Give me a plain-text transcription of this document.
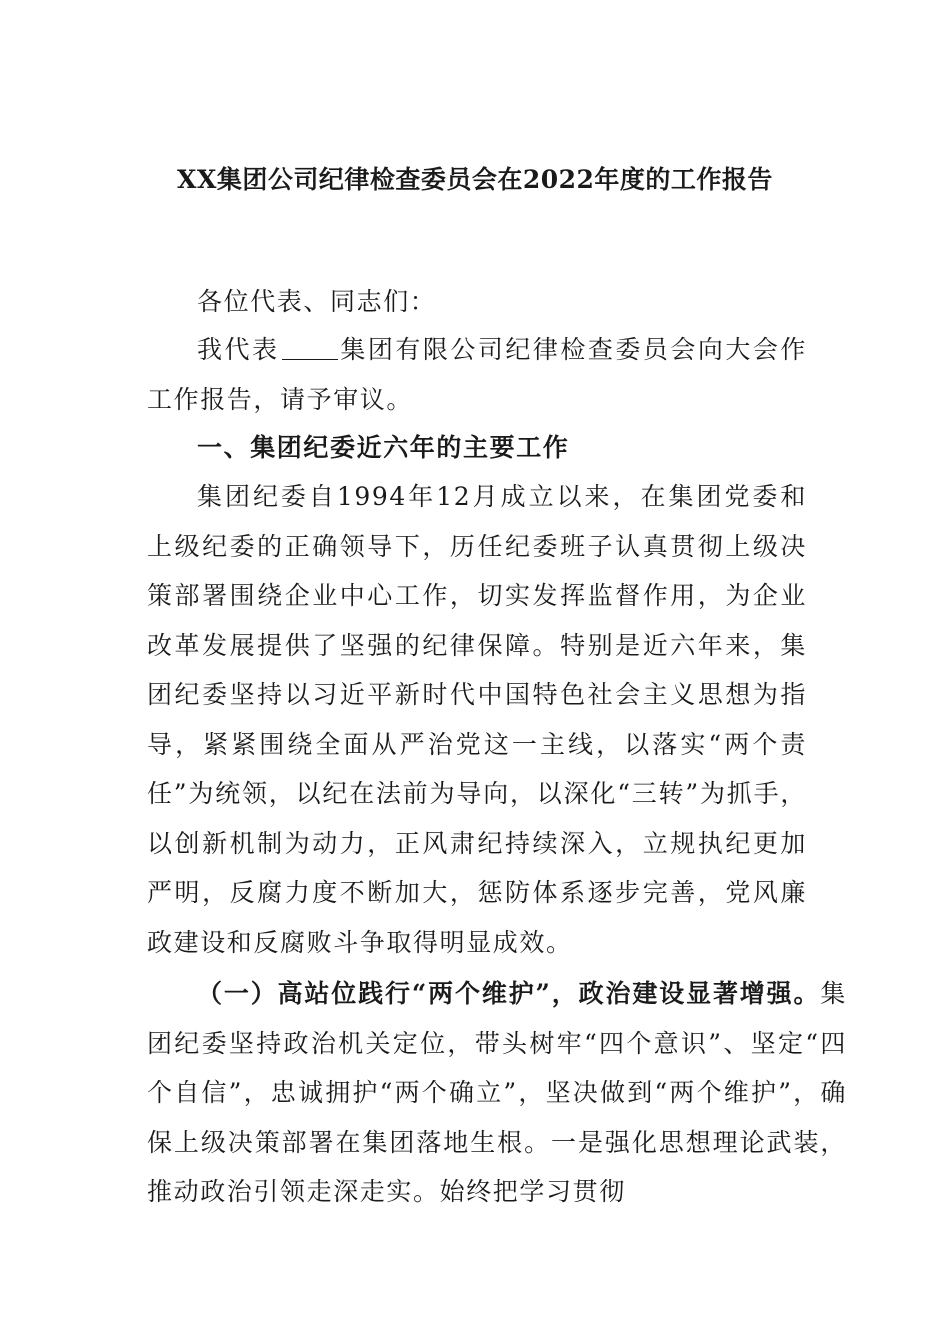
XX集团公司纪律检查委员会在2022年度的工作报告
各位代表、同志们：
我代表 集团有限公司纪律检查委员会向大会作工作报告，请予审议。
一、集团纪委近六年的主要工作
集团纪委自1994年12月成立以来，在集团党委和上级纪委的正确领导下，历任纪委班子认真贯彻上级决策部署围绕企业中心工作，切实发挥监督作用，为企业改革发展提供了坚强的纪律保障。特别是近六年来，集团纪委坚持以习近平新时代中国特色社会主义思想为指导，紧紧围绕全面从严治党这一主线，以落实“两个责任”为统领，以纪在法前为导向，以深化“三转”为抓手，以创新机制为动力，正风肃纪持续深入，立规执纪更加严明，反腐力度不断加大，惩防体系逐步完善，党风廉政建设和反腐败斗争取得明显成效。
（一）高站位践行“两个维护”，政治建设显著增强。集团纪委坚持政治机关定位，带头树牢“四个意识”、坚定“四个自信”，忠诚拥护“两个确立”，坚决做到“两个维护”，确保上级决策部署在集团落地生根。一是强化思想理论武装，推动政治引领走深走实。始终把学习贯彻
